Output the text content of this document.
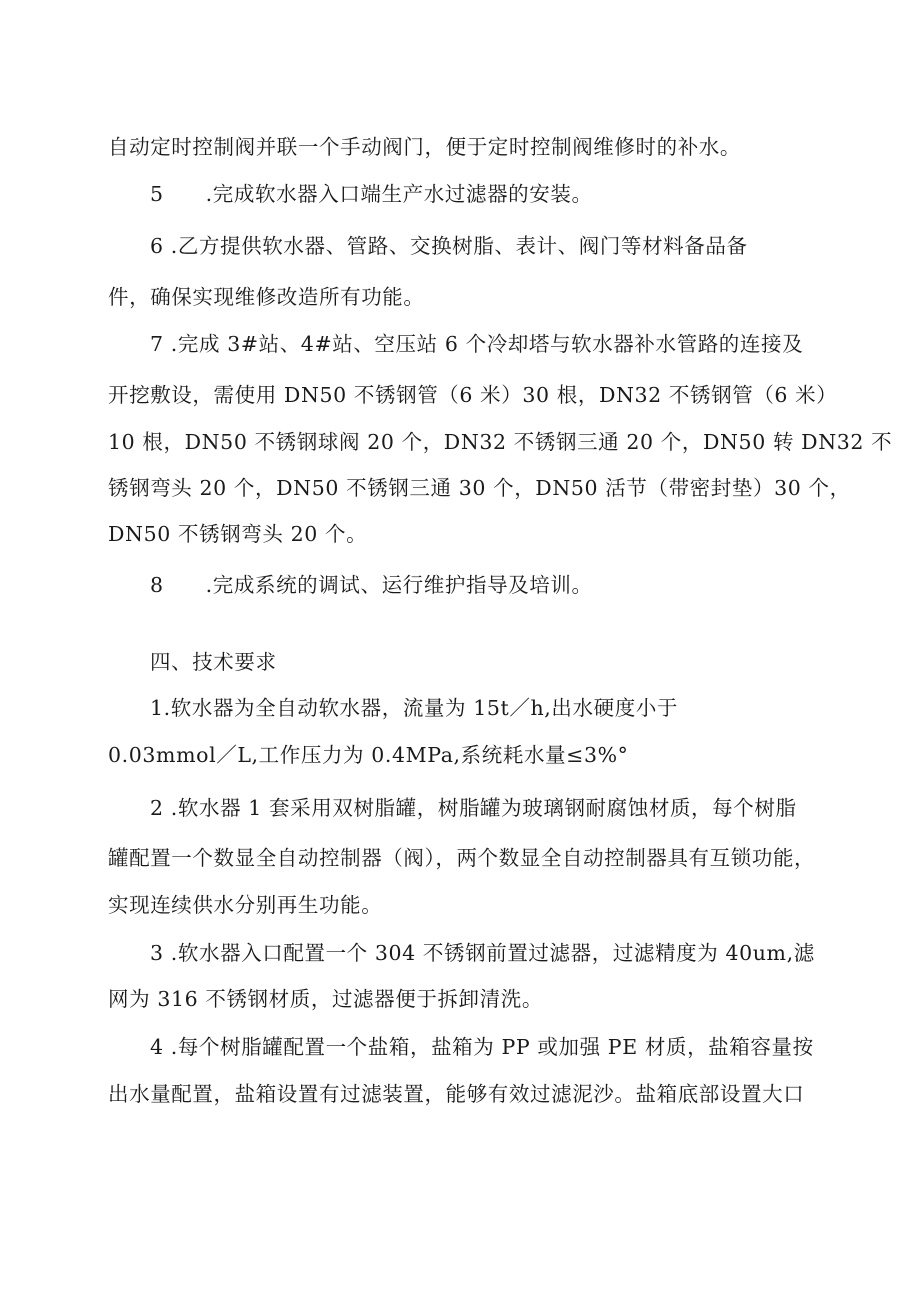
自动定时控制阀并联一个手动阀门，便于定时控制阀维修时的补水。

5 .完成软水器入口端生产水过滤器的安装。

6 .乙方提供软水器、管路、交换树脂、表计、阀门等材料备品备

件，确保实现维修改造所有功能。

7 .完成 3#站、4#站、空压站 6 个冷却塔与软水器补水管路的连接及

开挖敷设，需使用 DN50 不锈钢管（6 米）30 根，DN32 不锈钢管（6 米）

10 根，DN50 不锈钢球阀 20 个，DN32 不锈钢三通 20 个，DN50 转 DN32 不

锈钢弯头 20 个，DN50 不锈钢三通 30 个，DN50 活节（带密封垫）30 个，

DN50 不锈钢弯头 20 个。

8 .完成系统的调试、运行维护指导及培训。

四、技术要求

1.软水器为全自动软水器，流量为 15t／h,出水硬度小于

0.03mmol／L,工作压力为 0.4MPa,系统耗水量≤3%°

2 .软水器 1 套采用双树脂罐，树脂罐为玻璃钢耐腐蚀材质，每个树脂

罐配置一个数显全自动控制器（阀），两个数显全自动控制器具有互锁功能，

实现连续供水分别再生功能。

3 .软水器入口配置一个 304 不锈钢前置过滤器，过滤精度为 40um,滤

网为 316 不锈钢材质，过滤器便于拆卸清洗。

4 .每个树脂罐配置一个盐箱，盐箱为 PP 或加强 PE 材质，盐箱容量按

出水量配置，盐箱设置有过滤装置，能够有效过滤泥沙。盐箱底部设置大口
